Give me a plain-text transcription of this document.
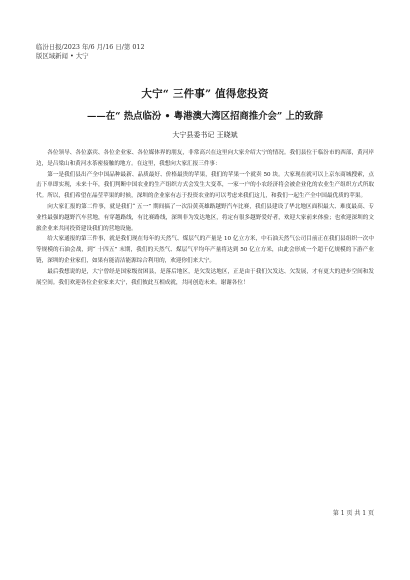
临汾日报/2023 年/6 月/16 日/第 012
版区域新闻 • 大宁
大宁“ 三件事” 值得您投资
——在“ 热点临汾 • 粤港澳大湾区招商推介会” 上的致辞
大宁县委书记 王晓斌

各位领导、各位嘉宾、各位企业家、各位媒体界的朋友，非常高兴在这里向大家介绍大宁的情况。我们县位于临汾市的西部，黄河岸边，是吕梁山和黄河水茶密接触的地方。在这里，我想向大家汇报三件事：

第一是我们县出产全中国品种最新、品质最好、价格最贵的苹果，我们的苹果一个就卖 50 块。大家现在就可以上京东商城搜索，点击下单即实现，未来十年，我们判断中国农业的生产组织方式会发生大变革，一家一户的小农经济将会被企业化的农业生产组织方式所取代。所以，我们希望在晶莹苹果的时候，深圳的企业家有志于投资农业的可以考虑来我们这儿，和我们一起生产全中国最优质的苹果。

向大家汇报的第二件事，就是我们“ 五一” 期间搞了一次沿黄英雄路越野汽车比赛，我们县建设了华北地区面积最大、难度最高、专业性最强的越野汽车营地，有穿越路线，有比赛路线，深圳非为发达地区，将定有很多越野爱好者，欢迎大家前来体验；也欢迎深圳的文旅企业来共同投资建设我们的营地设施。

给大家通报的第三件事，就是我们现在每年的天然气、煤层气的产量是 10 亿立方米，中石油天然气公司目前正在我们县组织一次中等规模的石油会战，到“ 十四五” 末期，我们的天然气、煤层气平均年产量将达到 50 亿立方米，由此会形成一个超千亿规模的下游产业链，深圳的企业家们，如果有能清洁能源综合利用的，欢迎你们来大宁。

最后我想说的是，大宁曾经是国家级贫困县，是落后地区，是欠发达地区，正是由于我们欠发达、欠发展，才有更大的进步空间和发展空间。我们欢迎各位企业家来大宁，我们彼此互相成就，共同创造未来。谢谢各位！

第 1 页 共 1 页
